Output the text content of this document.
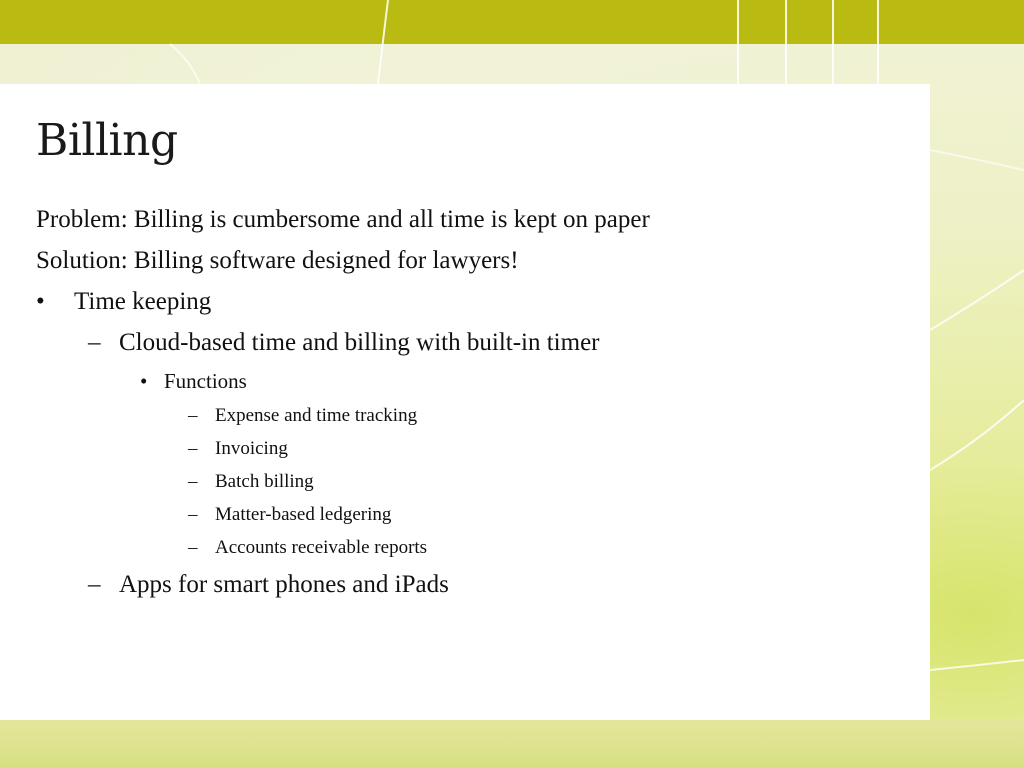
Billing
Problem: Billing is cumbersome and all time is kept on paper
Solution: Billing software designed for lawyers!
• Time keeping
– Cloud-based time and billing with built-in timer
• Functions
– Expense and time tracking
– Invoicing
– Batch billing
– Matter-based ledgering
– Accounts receivable reports
– Apps for smart phones and iPads
